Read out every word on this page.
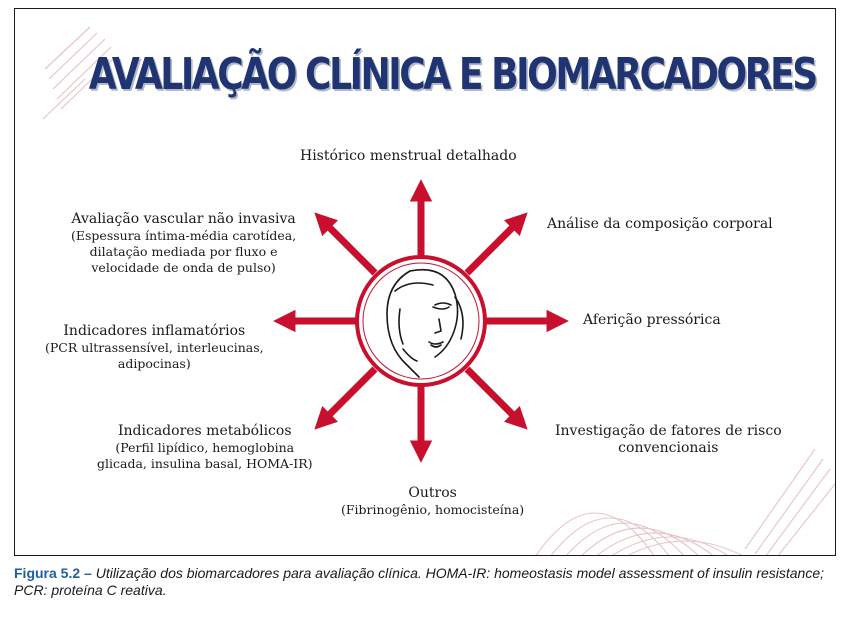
AVALIAÇÃO CLÍNICA E BIOMARCADORES
Histórico menstrual detalhado
Análise da composição corporal
Aferição pressórica
Investigação de fatores de risco
convencionais
Outros
(Fibrinogênio, homocisteína)
Indicadores metabólicos
(Perfil lipídico, hemoglobina
glicada, insulina basal, HOMA-IR)
Indicadores inflamatórios
(PCR ultrassensível, interleucinas,
adipocinas)
Avaliação vascular não invasiva
(Espessura íntima-média carotídea,
dilatação mediada por fluxo e
velocidade de onda de pulso)
Figura 5.2 – Utilização dos biomarcadores para avaliação clínica. HOMA-IR: homeostasis model assessment of insulin resistance; PCR: proteína C reativa.
